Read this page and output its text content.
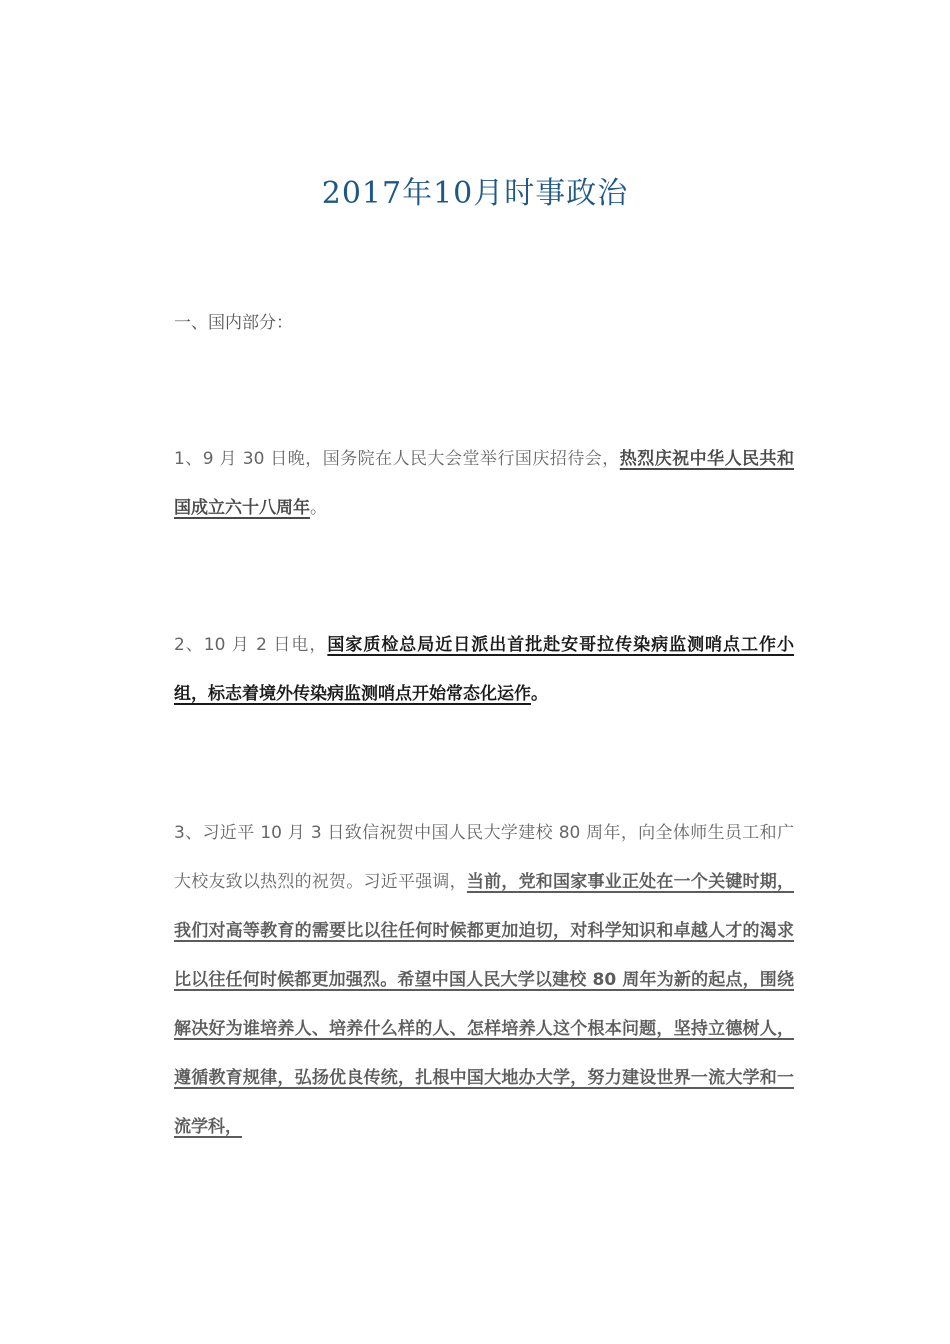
2017年10月时事政治
一、国内部分：
1、9 月 30 日晚，国务院在人民大会堂举行国庆招待会，热烈庆祝中华人民共和国成立六十八周年。
2、10 月 2 日电，国家质检总局近日派出首批赴安哥拉传染病监测哨点工作小组，标志着境外传染病监测哨点开始常态化运作。
3、习近平 10 月 3 日致信祝贺中国人民大学建校 80 周年，向全体师生员工和广大校友致以热烈的祝贺。习近平强调，当前，党和国家事业正处在一个关键时期，我们对高等教育的需要比以往任何时候都更加迫切，对科学知识和卓越人才的渴求比以往任何时候都更加强烈。希望中国人民大学以建校 80 周年为新的起点，围绕解决好为谁培养人、培养什么样的人、怎样培养人这个根本问题，坚持立德树人，遵循教育规律，弘扬优良传统，扎根中国大地办大学，努力建设世界一流大学和一流学科，
